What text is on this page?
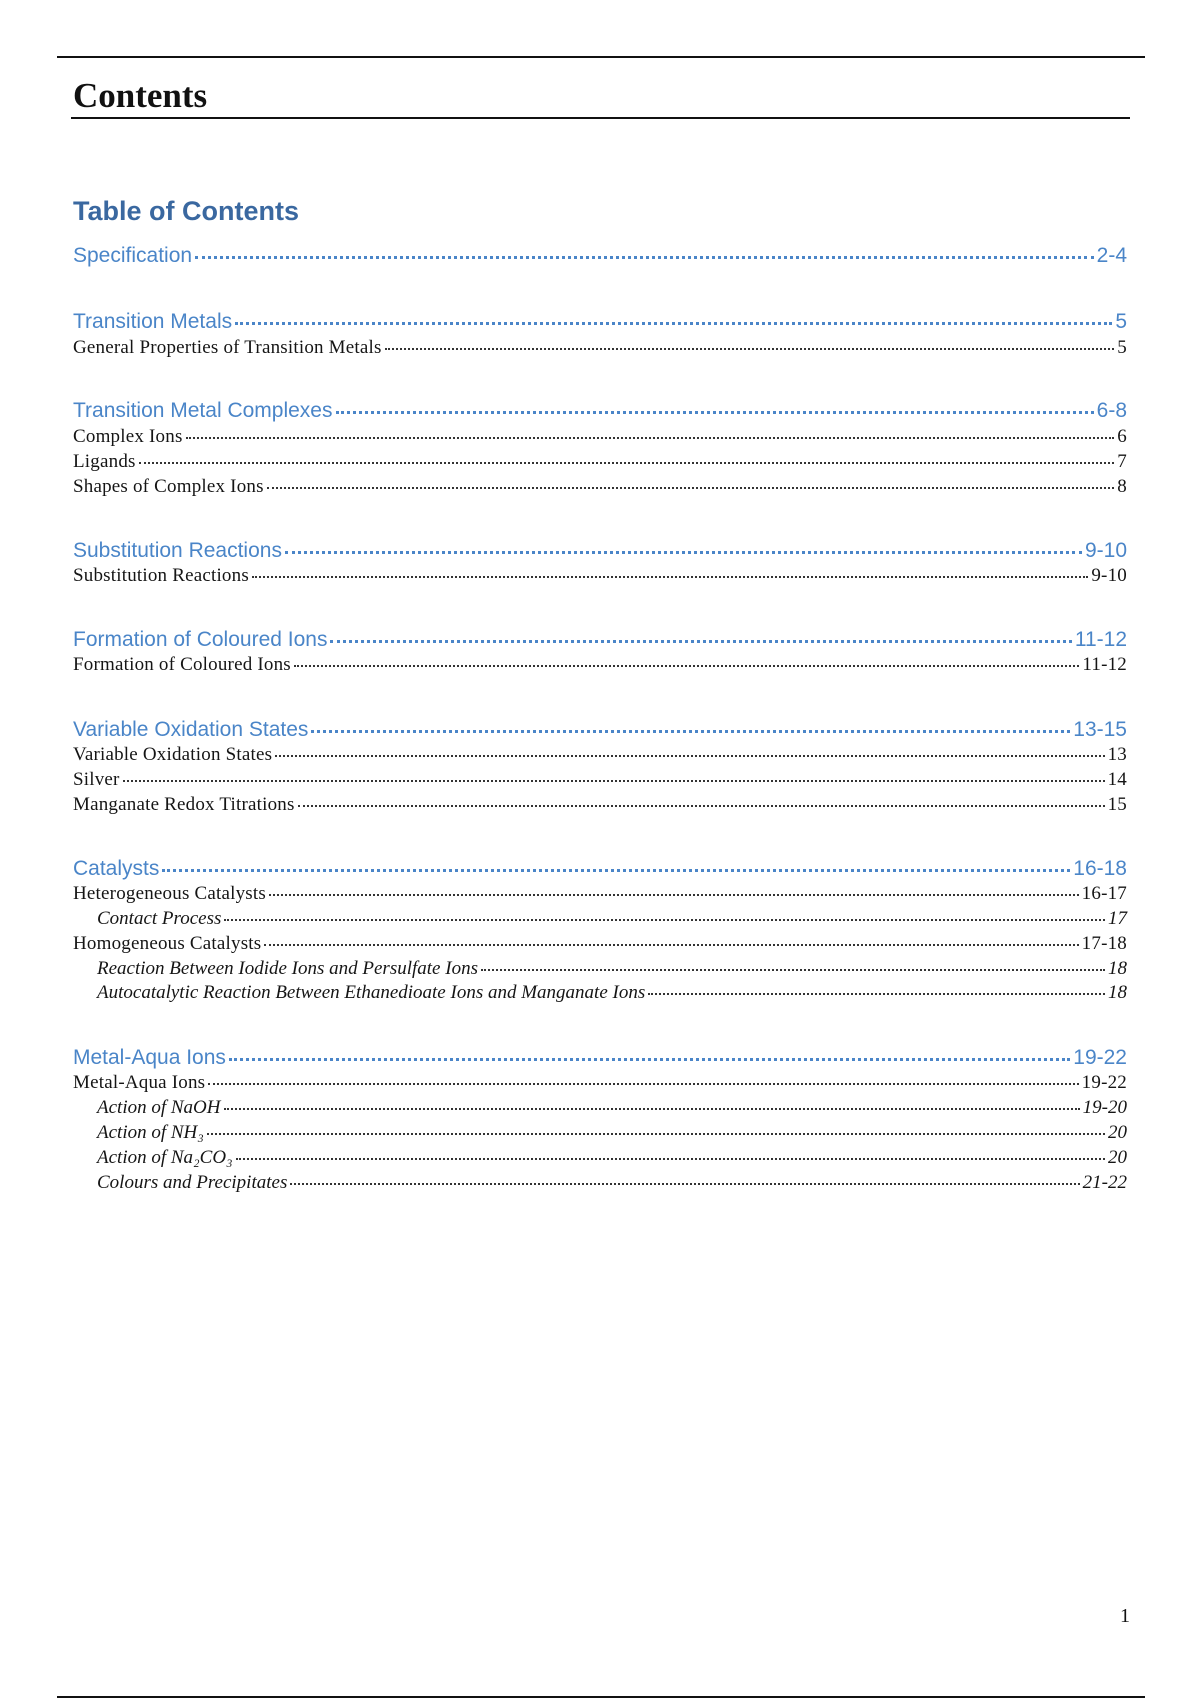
Contents
Table of Contents
Specification	2-4
Transition Metals	5
General Properties of Transition Metals	5
Transition Metal Complexes	6-8
Complex Ions	6
Ligands	7
Shapes of Complex Ions	8
Substitution Reactions	9-10
Substitution Reactions	9-10
Formation of Coloured Ions	11-12
Formation of Coloured Ions	11-12
Variable Oxidation States	13-15
Variable Oxidation States	13
Silver	14
Manganate Redox Titrations	15
Catalysts	16-18
Heterogeneous Catalysts	16-17
Contact Process	17
Homogeneous Catalysts	17-18
Reaction Between Iodide Ions and Persulfate Ions	18
Autocatalytic Reaction Between Ethanedioate Ions and Manganate Ions	18
Metal-Aqua Ions	19-22
Metal-Aqua Ions	19-22
Action of NaOH	19-20
Action of NH₃	20
Action of Na₂CO₃	20
Colours and Precipitates	21-22
1
